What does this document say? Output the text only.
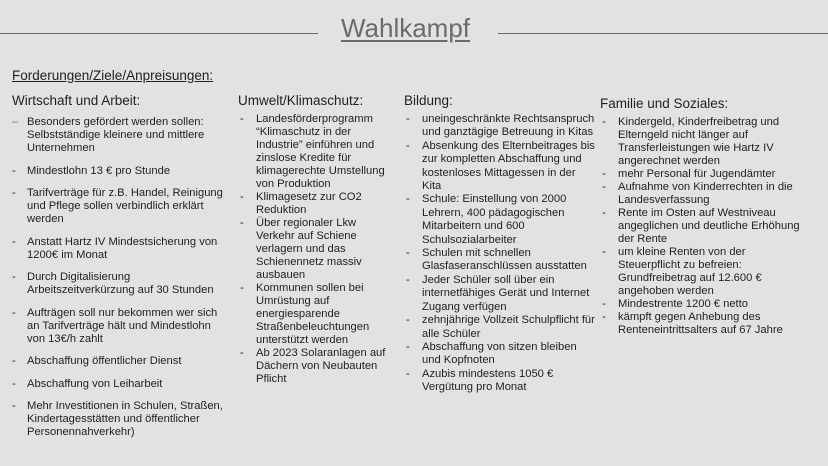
Wahlkampf
Forderungen/Ziele/Anpreisungen:
Wirtschaft und Arbeit:
– Besonders gefördert werden sollen: Selbstständige kleinere und mittlere Unternehmen
- Mindestlohn 13 € pro Stunde
- Tarifverträge für z.B. Handel, Reinigung und Pflege sollen verbindlich erklärt werden
- Anstatt Hartz IV Mindestsicherung von 1200€ im Monat
- Durch Digitalisierung Arbeitszeitverkürzung auf 30 Stunden
- Aufträgen soll nur bekommen wer sich an Tarifverträge hält und Mindestlohn von 13€/h zahlt
- Abschaffung öffentlicher Dienst
- Abschaffung von Leiharbeit
- Mehr Investitionen in Schulen, Straßen, Kindertagesstätten und öffentlicher Personennahverkehr)
Umwelt/Klimaschutz:
- Landesförderprogramm “Klimaschutz in der Industrie” einführen und zinslose Kredite für klimagerechte Umstellung von Produktion
- Klimagesetz zur CO2 Reduktion
- Über regionaler Lkw Verkehr auf Schiene verlagern und das Schienennetz massiv ausbauen
- Kommunen sollen bei Umrüstung auf energiesparende Straßenbeleuchtungen unterstützt werden
- Ab 2023 Solaranlagen auf Dächern von Neubauten Pflicht
Bildung:
- uneingeschränkte Rechtsanspruch und ganztägige Betreuung in Kitas
- Absenkung des Elternbeitrages bis zur kompletten Abschaffung und kostenloses Mittagessen in der Kita
- Schule: Einstellung von 2000 Lehrern, 400 pädagogischen Mitarbeitern und 600 Schulsozialarbeiter
- Schulen mit schnellen Glasfaseranschlüssen ausstatten
- Jeder Schüler soll über ein internetfähiges Gerät und Internet Zugang verfügen
- zehnjährige Vollzeit Schulpflicht für alle Schüler
- Abschaffung von sitzen bleiben und Kopfnoten
- Azubis mindestens 1050 € Vergütung pro Monat
Familie und Soziales:
- Kindergeld, Kinderfreibetrag und Elterngeld nicht länger auf Transferleistungen wie Hartz IV angerechnet werden
- mehr Personal für Jugendämter
- Aufnahme von Kinderrechten in die Landesverfassung
- Rente im Osten auf Westniveau angeglichen und deutliche Erhöhung der Rente
- um kleine Renten von der Steuerpflicht zu befreien: Grundfreibetrag auf 12.600 € angehoben werden
- Mindestrente 1200 € netto
- kämpft gegen Anhebung des Renteneintrittsalters auf 67 Jahre
